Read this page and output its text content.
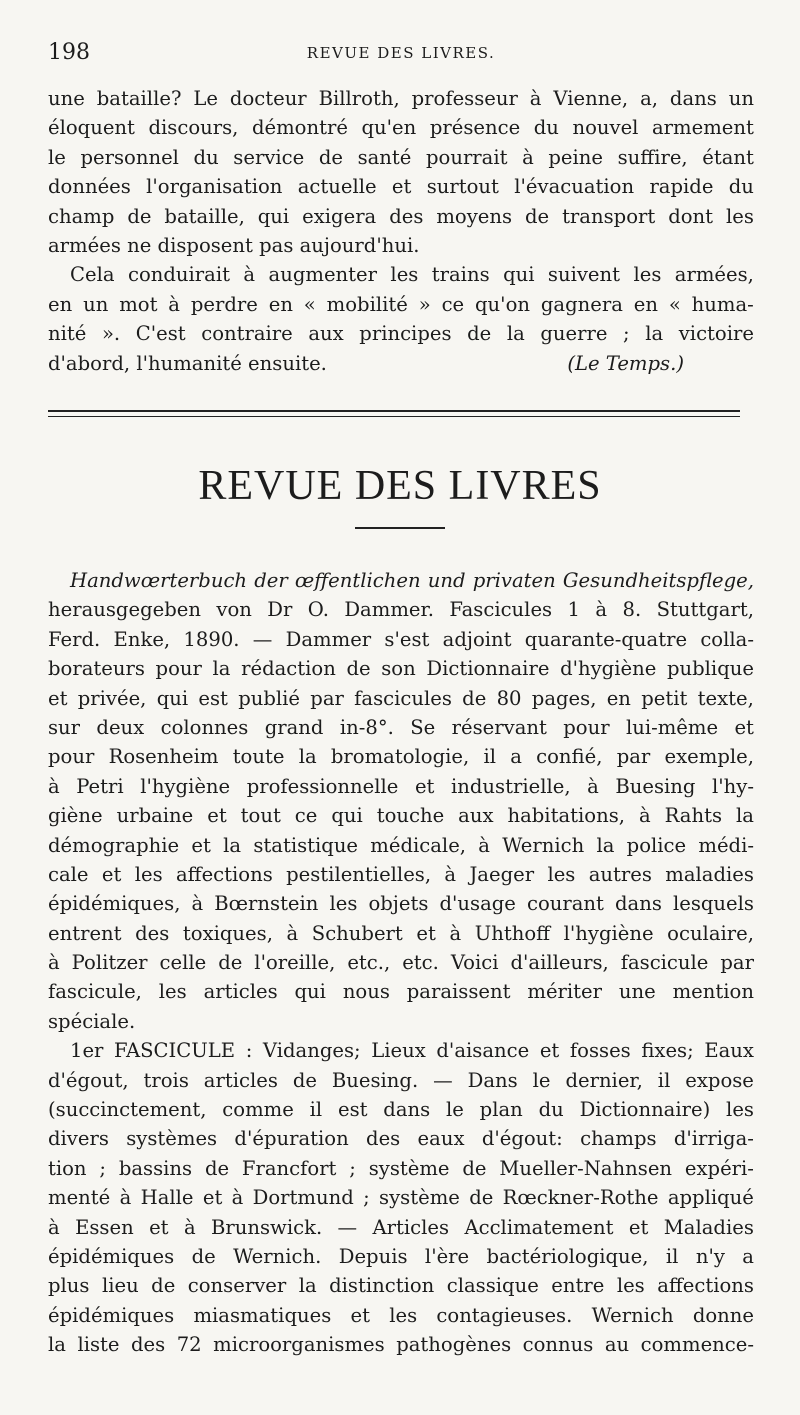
198	REVUE DES LIVRES.
une bataille? Le docteur Billroth, professeur à Vienne, a, dans un
éloquent discours, démontré qu'en présence du nouvel armement
le personnel du service de santé pourrait à peine suffire, étant
données l'organisation actuelle et surtout l'évacuation rapide du
champ de bataille, qui exigera des moyens de transport dont les
armées ne disposent pas aujourd'hui.
Cela conduirait à augmenter les trains qui suivent les armées,
en un mot à perdre en « mobilité » ce qu'on gagnera en « huma-
nité ». C'est contraire aux principes de la guerre ; la victoire
d'abord, l'humanité ensuite.	(Le Temps.)
REVUE DES LIVRES
Handwœrterbuch der œffentlichen und privaten Gesundheitspflege,
herausgegeben von Dr O. Dammer. Fascicules 1 à 8. Stuttgart,
Ferd. Enke, 1890. — Dammer s'est adjoint quarante-quatre colla-
borateurs pour la rédaction de son Dictionnaire d'hygiène publique
et privée, qui est publié par fascicules de 80 pages, en petit texte,
sur deux colonnes grand in-8°. Se réservant pour lui-même et
pour Rosenheim toute la bromatologie, il a confié, par exemple,
à Petri l'hygiène professionnelle et industrielle, à Buesing l'hy-
giène urbaine et tout ce qui touche aux habitations, à Rahts la
démographie et la statistique médicale, à Wernich la police médi-
cale et les affections pestilentielles, à Jaeger les autres maladies
épidémiques, à Bœrnstein les objets d'usage courant dans lesquels
entrent des toxiques, à Schubert et à Uhthoff l'hygiène oculaire,
à Politzer celle de l'oreille, etc., etc. Voici d'ailleurs, fascicule par
fascicule, les articles qui nous paraissent mériter une mention
spéciale.
1er FASCICULE : Vidanges; Lieux d'aisance et fosses fixes; Eaux
d'égout, trois articles de Buesing. — Dans le dernier, il expose
(succinctement, comme il est dans le plan du Dictionnaire) les
divers systèmes d'épuration des eaux d'égout: champs d'irriga-
tion ; bassins de Francfort ; système de Mueller-Nahnsen expéri-
menté à Halle et à Dortmund ; système de Rœckner-Rothe appliqué
à Essen et à Brunswick. — Articles Acclimatement et Maladies
épidémiques de Wernich. Depuis l'ère bactériologique, il n'y a
plus lieu de conserver la distinction classique entre les affections
épidémiques miasmatiques et les contagieuses. Wernich donne
la liste des 72 microorganismes pathogènes connus au commence-
